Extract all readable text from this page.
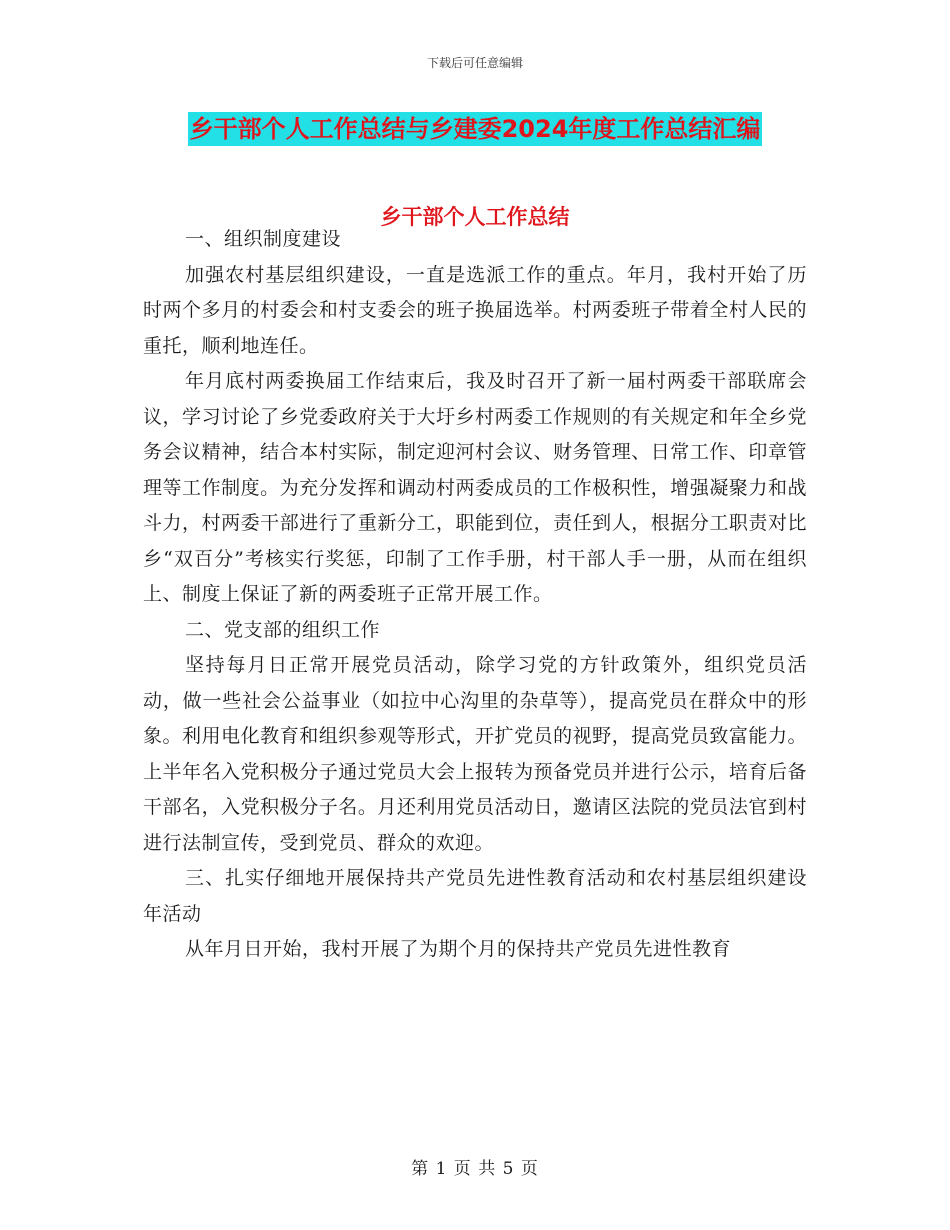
下载后可任意编辑
乡干部个人工作总结与乡建委2024年度工作总结汇编
乡干部个人工作总结

一、组织制度建设

加强农村基层组织建设，一直是选派工作的重点。年月，我村开始了历时两个多月的村委会和村支委会的班子换届选举。村两委班子带着全村人民的重托，顺利地连任。

年月底村两委换届工作结束后，我及时召开了新一届村两委干部联席会议，学习讨论了乡党委政府关于大圩乡村两委工作规则的有关规定和年全乡党务会议精神，结合本村实际，制定迎河村会议、财务管理、日常工作、印章管理等工作制度。为充分发挥和调动村两委成员的工作极积性，增强凝聚力和战斗力，村两委干部进行了重新分工，职能到位，责任到人，根据分工职责对比乡“双百分”考核实行奖惩，印制了工作手册，村干部人手一册，从而在组织上、制度上保证了新的两委班子正常开展工作。

二、党支部的组织工作

坚持每月日正常开展党员活动，除学习党的方针政策外，组织党员活动，做一些社会公益事业（如拉中心沟里的杂草等），提高党员在群众中的形象。利用电化教育和组织参观等形式，开扩党员的视野，提高党员致富能力。上半年名入党积极分子通过党员大会上报转为预备党员并进行公示，培育后备干部名，入党积极分子名。月还利用党员活动日，邀请区法院的党员法官到村进行法制宣传，受到党员、群众的欢迎。

三、扎实仔细地开展保持共产党员先进性教育活动和农村基层组织建设年活动

从年月日开始，我村开展了为期个月的保持共产党员先进性教育

第 1 页 共 5 页
